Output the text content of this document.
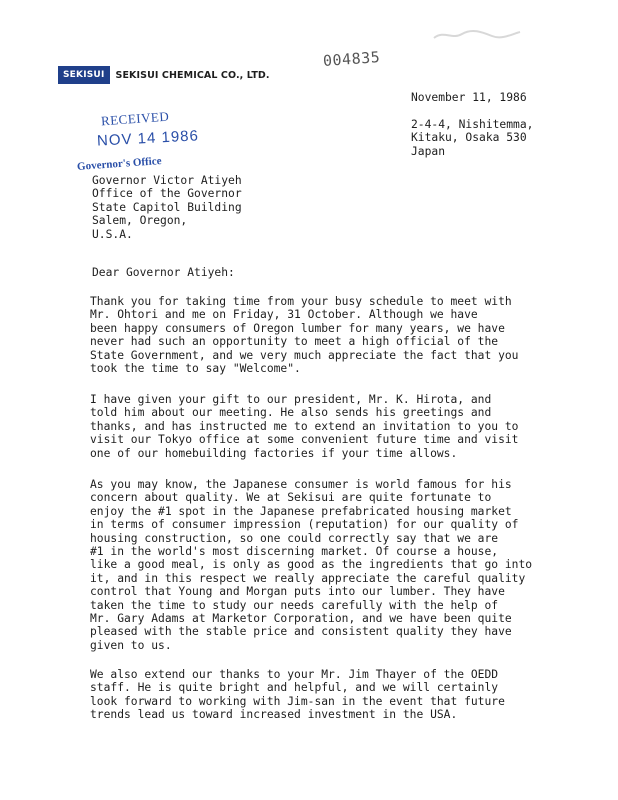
004835
SEKISUI	SEKISUI CHEMICAL CO., LTD.
November 11, 1986
2-4-4, Nishitemma,
Kitaku, Osaka 530
Japan
RECEIVED
NOV 14 1986
Governor's Office
Governor Victor Atiyeh
Office of the Governor
State Capitol Building
Salem, Oregon,
U.S.A.
Dear Governor Atiyeh:
Thank you for taking time from your busy schedule to meet with
Mr. Ohtori and me on Friday, 31 October. Although we have
been happy consumers of Oregon lumber for many years, we have
never had such an opportunity to meet a high official of the
State Government, and we very much appreciate the fact that you
took the time to say "Welcome".
I have given your gift to our president, Mr. K. Hirota, and
told him about our meeting. He also sends his greetings and
thanks, and has instructed me to extend an invitation to you to
visit our Tokyo office at some convenient future time and visit
one of our homebuilding factories if your time allows.
As you may know, the Japanese consumer is world famous for his
concern about quality. We at Sekisui are quite fortunate to
enjoy the #1 spot in the Japanese prefabricated housing market
in terms of consumer impression (reputation) for our quality of
housing construction, so one could correctly say that we are
#1 in the world's most discerning market. Of course a house,
like a good meal, is only as good as the ingredients that go into
it, and in this respect we really appreciate the careful quality
control that Young and Morgan puts into our lumber. They have
taken the time to study our needs carefully with the help of
Mr. Gary Adams at Marketor Corporation, and we have been quite
pleased with the stable price and consistent quality they have
given to us.
We also extend our thanks to your Mr. Jim Thayer of the OEDD
staff. He is quite bright and helpful, and we will certainly
look forward to working with Jim-san in the event that future
trends lead us toward increased investment in the USA.
